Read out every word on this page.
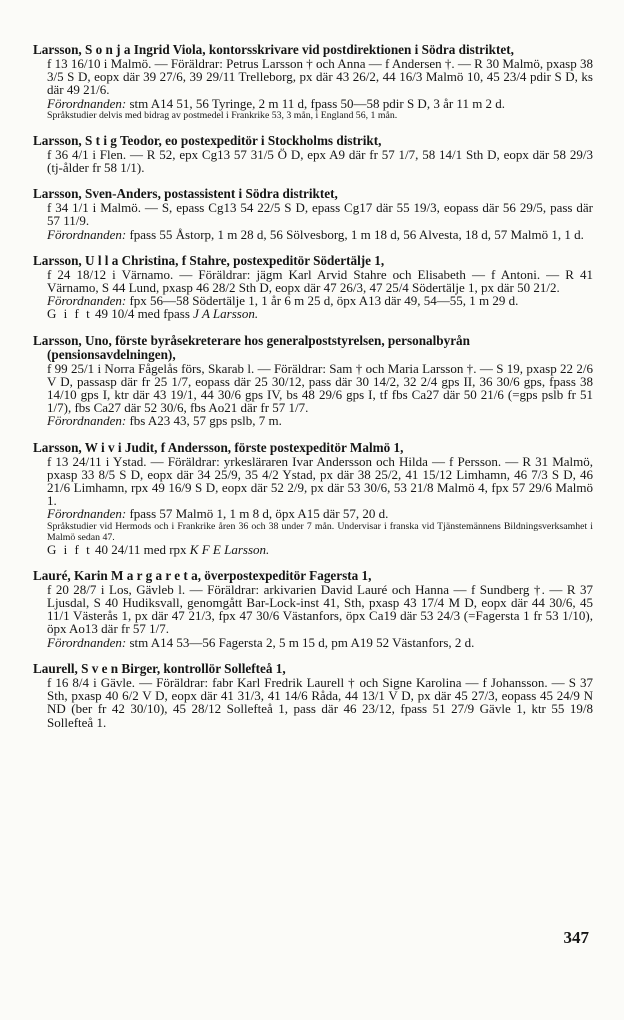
Larsson, S o n j a Ingrid Viola, kontorsskrivare vid postdirektionen i Södra distriktet,
f 13 16/10 i Malmö. — Föräldrar: Petrus Larsson † och Anna — f Andersen †. — R 30 Malmö, pxasp 38 3/5 S D, eopx där 39 27/6, 39 29/11 Trelleborg, px där 43 26/2, 44 16/3 Malmö 10, 45 23/4 pdir S D, ks där 49 21/6.
Förordnanden: stm A14 51, 56 Tyringe, 2 m 11 d, fpass 50—58 pdir S D, 3 år 11 m 2 d.
Språkstudier delvis med bidrag av postmedel i Frankrike 53, 3 mån, i England 56, 1 mån.
Larsson, S t i g Teodor, eo postexpeditör i Stockholms distrikt,
f 36 4/1 i Flen. — R 52, epx Cg13 57 31/5 Ö D, epx A9 där fr 57 1/7, 58 14/1 Sth D, eopx där 58 29/3 (tj-ålder fr 58 1/1).
Larsson, Sven-Anders, postassistent i Södra distriktet,
f 34 1/1 i Malmö. — S, epass Cg13 54 22/5 S D, epass Cg17 där 55 19/3, eopass där 56 29/5, pass där 57 11/9.
Förordnanden: fpass 55 Åstorp, 1 m 28 d, 56 Sölvesborg, 1 m 18 d, 56 Alvesta, 18 d, 57 Malmö 1, 1 d.
Larsson, U l l a Christina, f Stahre, postexpeditör Södertälje 1,
f 24 18/12 i Värnamo. — Föräldrar: jägm Karl Arvid Stahre och Elisabeth — f Antoni. — R 41 Värnamo, S 44 Lund, pxasp 46 28/2 Sth D, eopx där 47 26/3, 47 25/4 Södertälje 1, px där 50 21/2.
Förordnanden: fpx 56—58 Södertälje 1, 1 år 6 m 25 d, öpx A13 där 49, 54—55, 1 m 29 d.
G i f t 49 10/4 med fpass J A Larsson.
Larsson, Uno, förste byråsekreterare hos generalpoststyrelsen, personalbyrån (pensionsavdelningen),
f 99 25/1 i Norra Fågelås förs, Skarab l. — Föräldrar: Sam † och Maria Larsson †. — S 19, pxasp 22 2/6 V D, passasp där fr 25 1/7, eopass där 25 30/12, pass där 30 14/2, 32 2/4 gps II, 36 30/6 gps, fpass 38 14/10 gps I, ktr där 43 19/1, 44 30/6 gps IV, bs 48 29/6 gps I, tf fbs Ca27 där 50 21/6 (=gps pslb fr 51 1/7), fbs Ca27 där 52 30/6, fbs Ao21 där fr 57 1/7.
Förordnanden: fbs A23 43, 57 gps pslb, 7 m.
Larsson, W i v i Judit, f Andersson, förste postexpeditör Malmö 1,
f 13 24/11 i Ystad. — Föräldrar: yrkesläraren Ivar Andersson och Hilda — f Persson. — R 31 Malmö, pxasp 33 8/5 S D, eopx där 34 25/9, 35 4/2 Ystad, px där 38 25/2, 41 15/12 Limhamn, 46 7/3 S D, 46 21/6 Limhamn, rpx 49 16/9 S D, eopx där 52 2/9, px där 53 30/6, 53 21/8 Malmö 4, fpx 57 29/6 Malmö 1.
Förordnanden: fpass 57 Malmö 1, 1 m 8 d, öpx A15 där 57, 20 d.
Språkstudier vid Hermods och i Frankrike åren 36 och 38 under 7 mån. Undervisar i franska vid Tjänstemännens Bildningsverksamhet i Malmö sedan 47.
G i f t 40 24/11 med rpx K F E Larsson.
Lauré, Karin M a r g a r e t a, överpostexpeditör Fagersta 1,
f 20 28/7 i Los, Gävleb l. — Föräldrar: arkivarien David Lauré och Hanna — f Sundberg †. — R 37 Ljusdal, S 40 Hudiksvall, genomgått Bar-Lock-inst 41, Sth, pxasp 43 17/4 M D, eopx där 44 30/6, 45 11/1 Västerås 1, px där 47 21/3, fpx 47 30/6 Västanfors, öpx Ca19 där 53 24/3 (=Fagersta 1 fr 53 1/10), öpx Ao13 där fr 57 1/7.
Förordnanden: stm A14 53—56 Fagersta 2, 5 m 15 d, pm A19 52 Västanfors, 2 d.
Laurell, S v e n Birger, kontrollör Sollefteå 1,
f 16 8/4 i Gävle. — Föräldrar: fabr Karl Fredrik Laurell † och Signe Karolina — f Johansson. — S 37 Sth, pxasp 40 6/2 V D, eopx där 41 31/3, 41 14/6 Råda, 44 13/1 V D, px där 45 27/3, eopass 45 24/9 N ND (ber fr 42 30/10), 45 28/12 Sollefteå 1, pass där 46 23/12, fpass 51 27/9 Gävle 1, ktr 55 19/8 Sollefteå 1.
347
